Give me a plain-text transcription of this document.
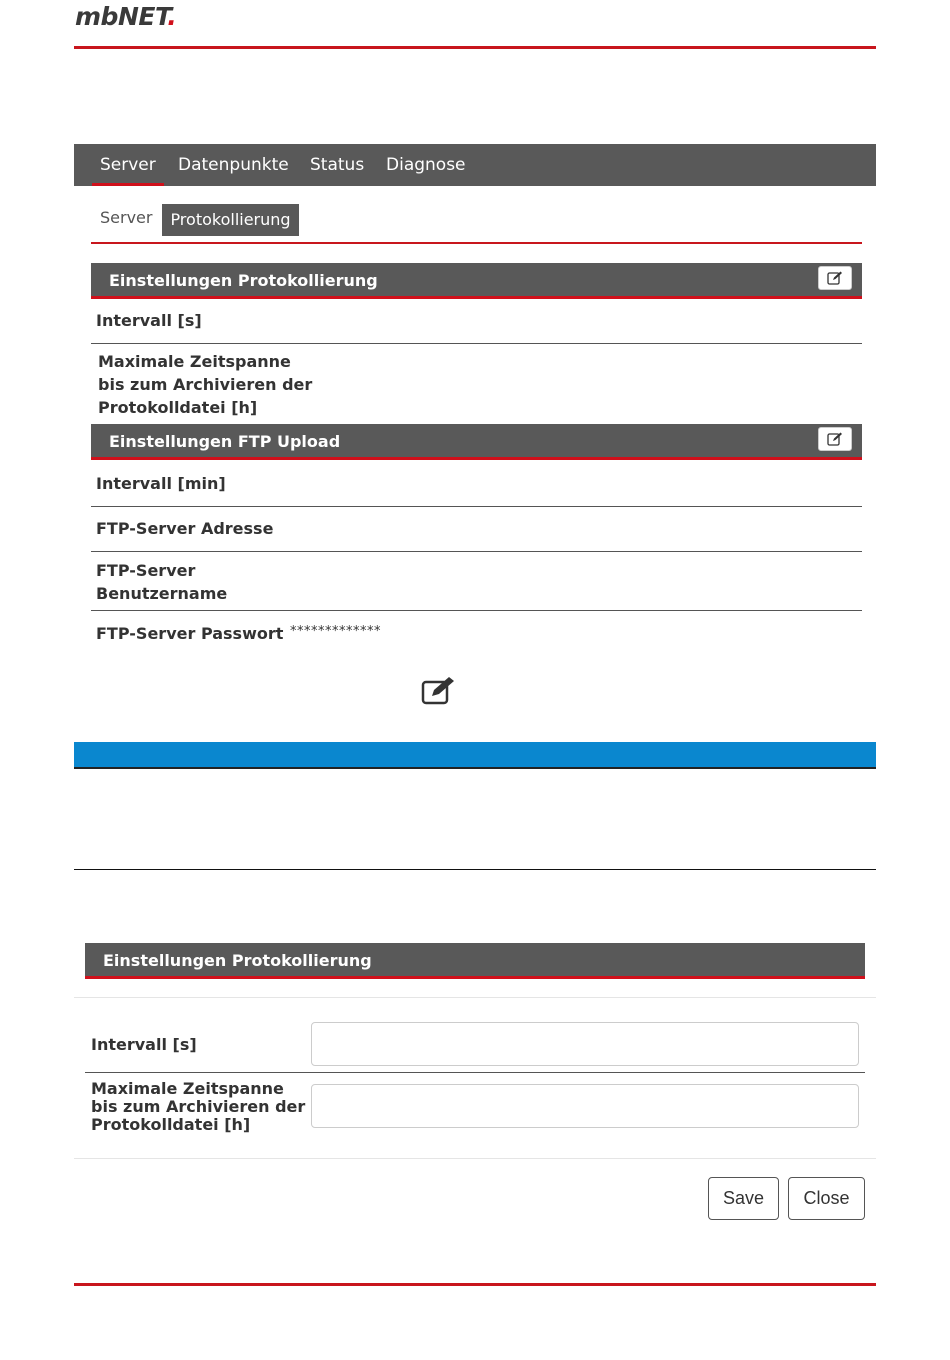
mbNET.
Server Datenpunkte Status Diagnose
Server	Protokollierung
Einstellungen Protokollierung
Intervall [s]
Maximale Zeitspanne
bis zum Archivieren der
Protokolldatei [h]
Einstellungen FTP Upload
Intervall [min]
FTP-Server Adresse
FTP-Server
Benutzername
FTP-Server Passwort *************
Einstellungen Protokollierung
Intervall [s]
Maximale Zeitspanne
bis zum Archivieren der
Protokolldatei [h]
Save	Close
